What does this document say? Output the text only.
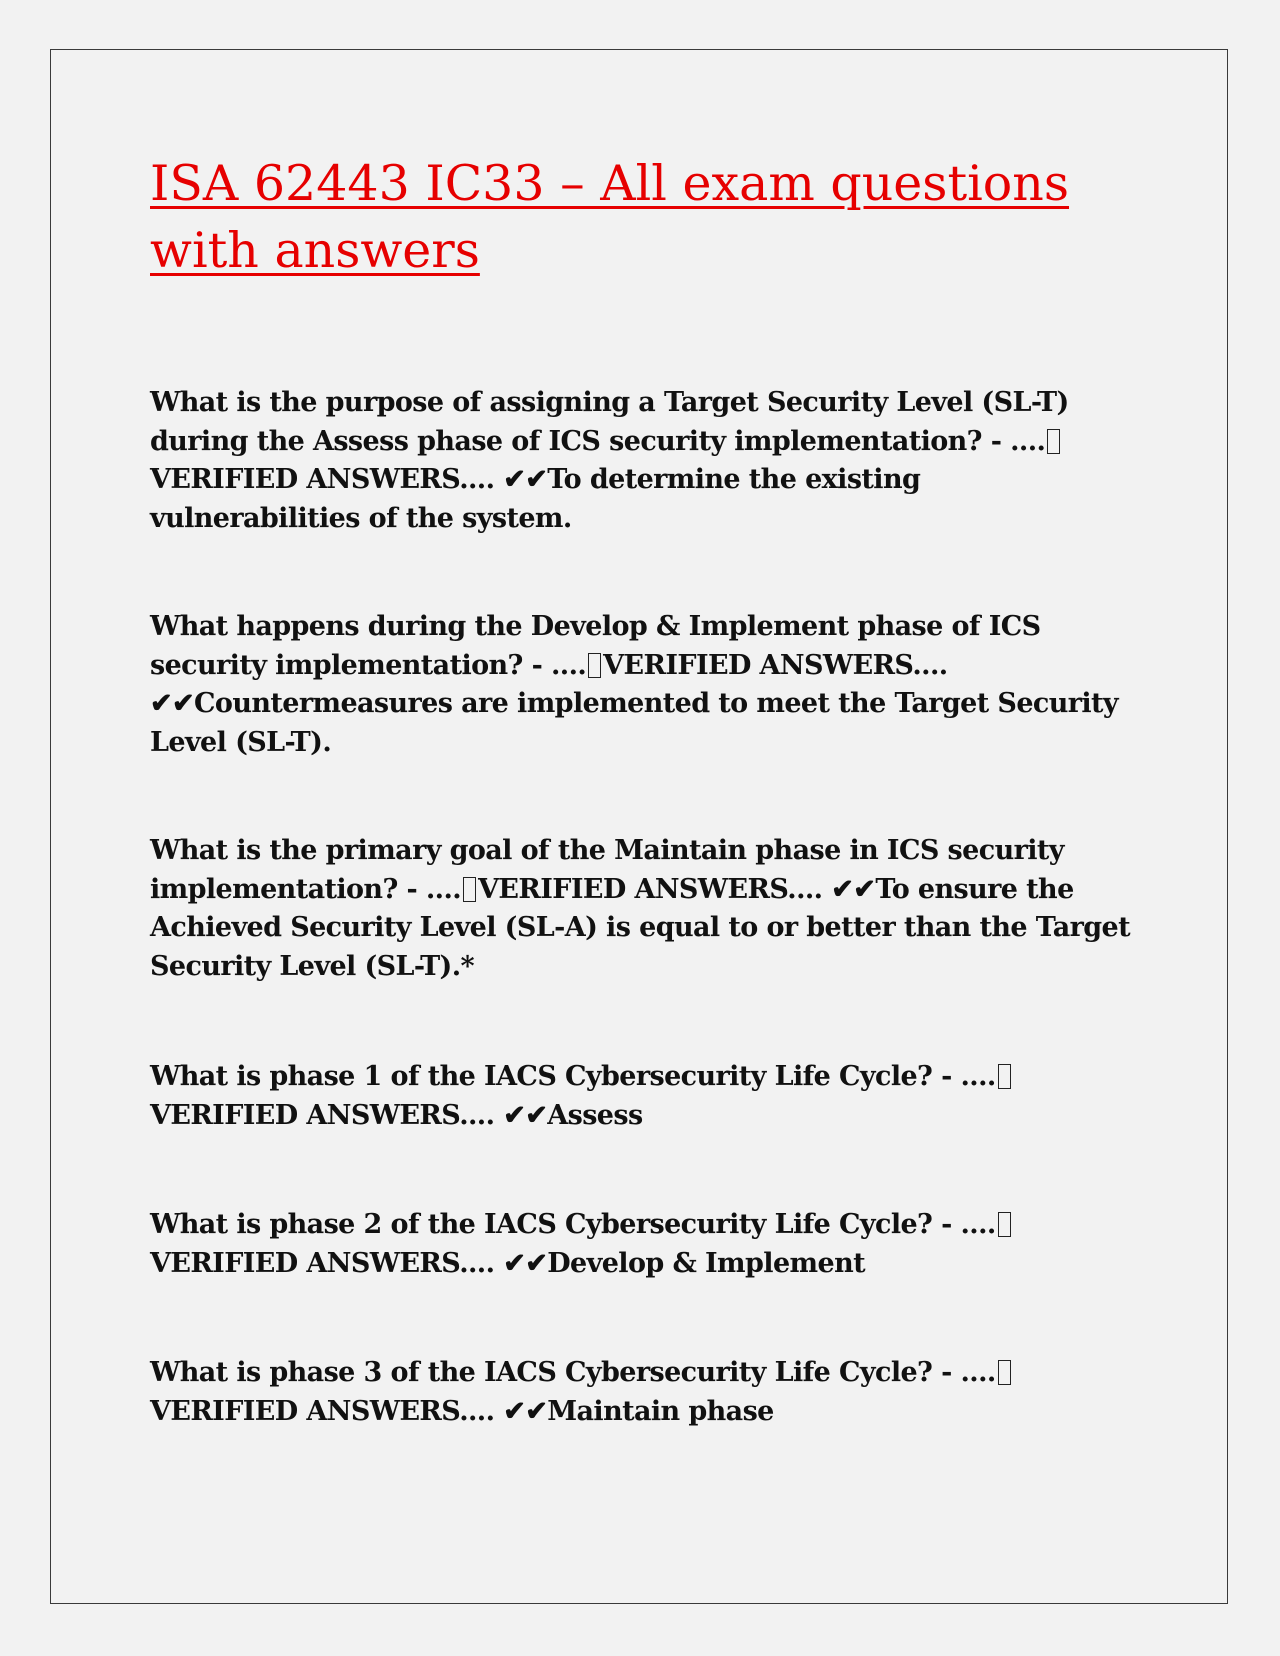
ISA 62443 IC33 – All exam questions with answers

What is the purpose of assigning a Target Security Level (SL-T) during the Assess phase of ICS security implementation? - ....VERIFIED ANSWERS.... ✔✔To determine the existing vulnerabilities of the system.

What happens during the Develop & Implement phase of ICS security implementation? - .... VERIFIED ANSWERS.... ✔✔Countermeasures are implemented to meet the Target Security Level (SL-T).

What is the primary goal of the Maintain phase in ICS security implementation? - .... VERIFIED ANSWERS.... ✔✔To ensure the Achieved Security Level (SL-A) is equal to or better than the Target Security Level (SL-T).*

What is phase 1 of the IACS Cybersecurity Life Cycle? - ....VERIFIED ANSWERS.... ✔✔Assess

What is phase 2 of the IACS Cybersecurity Life Cycle? - ....VERIFIED ANSWERS.... ✔✔Develop & Implement

What is phase 3 of the IACS Cybersecurity Life Cycle? - ....VERIFIED ANSWERS.... ✔✔Maintain phase
